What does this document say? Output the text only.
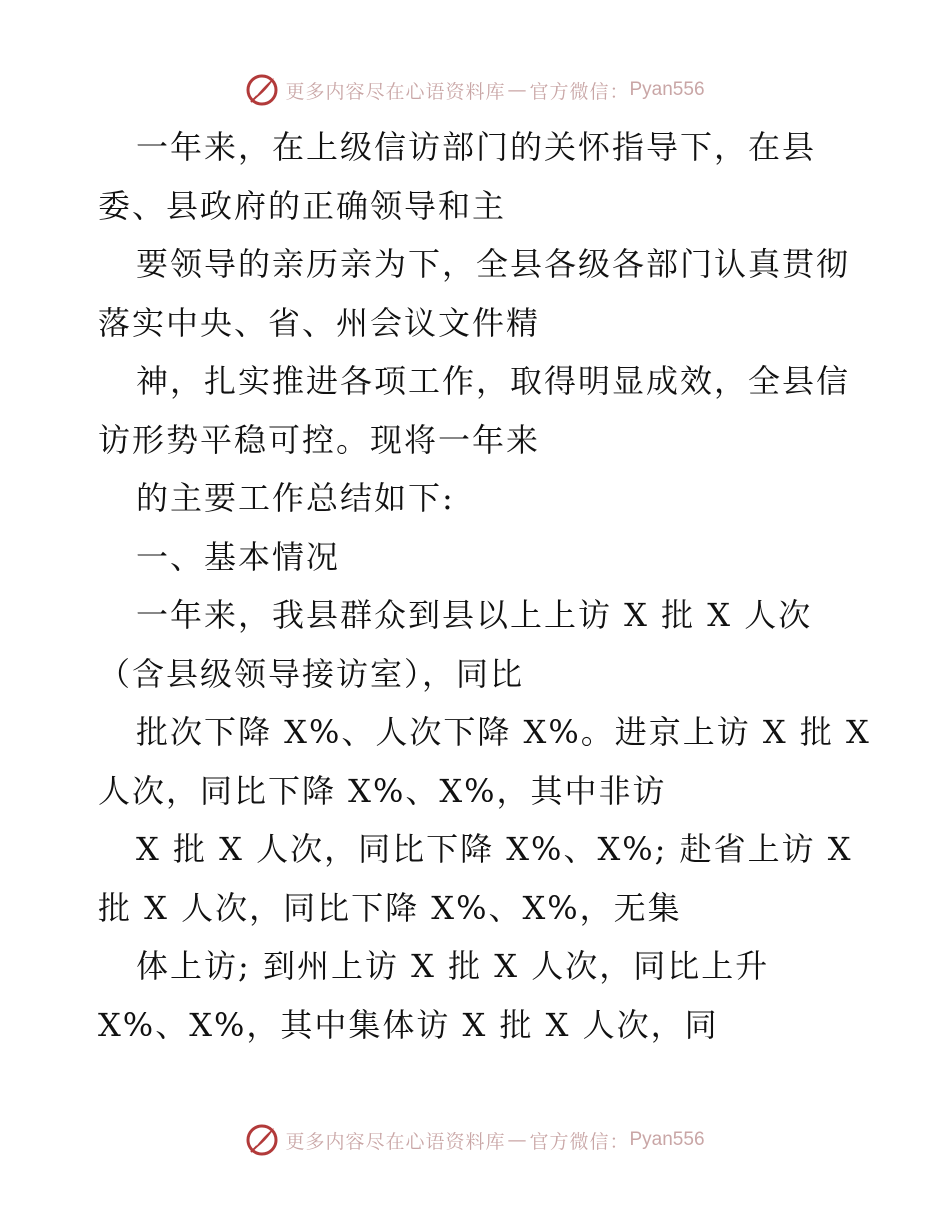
更多内容尽在心语资料库 — 官方微信： Pyan556
一年来，在上级信访部门的关怀指导下，在县
委、县政府的正确领导和主
要领导的亲历亲为下，全县各级各部门认真贯彻
落实中央、省、州会议文件精
神，扎实推进各项工作，取得明显成效，全县信
访形势平稳可控。现将一年来
的主要工作总结如下:
一、基本情况
一年来，我县群众到县以上上访 X 批 X 人次
（含县级领导接访室），同比
批次下降 X%、人次下降 X%。进京上访 X 批 X
人次，同比下降 X%、X%，其中非访
X 批 X 人次，同比下降 X%、X%; 赴省上访 X
批 X 人次，同比下降 X%、X%，无集
体上访; 到州上访 X 批 X 人次，同比上升
X%、X%，其中集体访 X 批 X 人次，同
更多内容尽在心语资料库 — 官方微信： Pyan556
